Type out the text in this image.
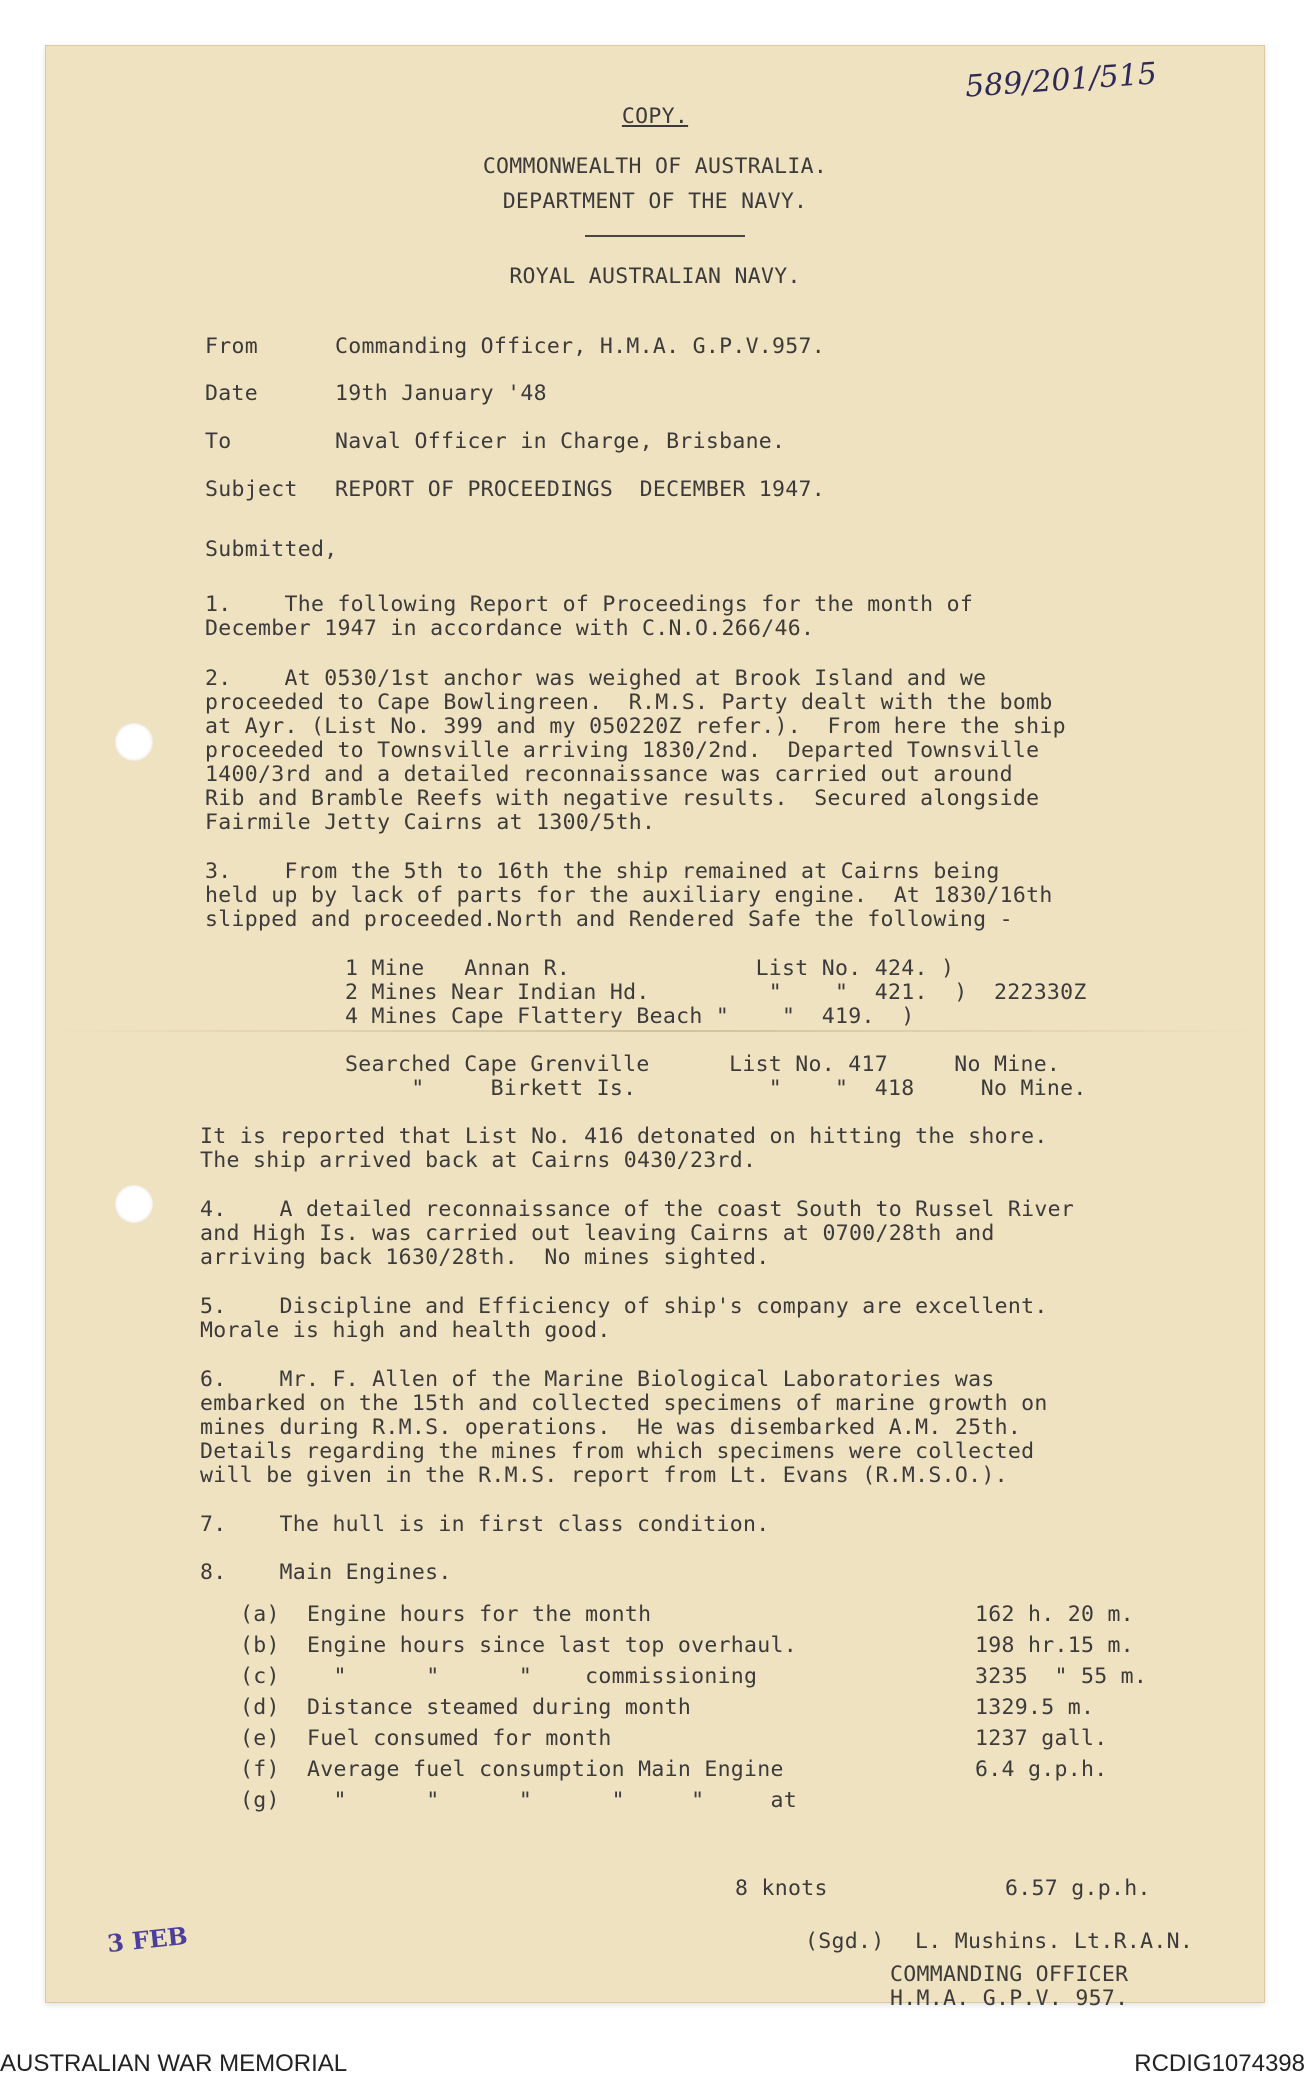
589/201/515
COPY.
COMMONWEALTH OF AUSTRALIA.
DEPARTMENT OF THE NAVY.
ROYAL AUSTRALIAN NAVY.
From	Commanding Officer, H.M.A. G.P.V.957.
Date	19th January '48
To	Naval Officer in Charge, Brisbane.
Subject REPORT OF PROCEEDINGS  DECEMBER 1947.
Submitted,
1.    The following Report of Proceedings for the month of
December 1947 in accordance with C.N.O.266/46.
2.    At 0530/1st anchor was weighed at Brook Island and we
proceeded to Cape Bowlingreen.  R.M.S. Party dealt with the bomb
at Ayr. (List No. 399 and my 050220Z refer.).  From here the ship
proceeded to Townsville arriving 1830/2nd.  Departed Townsville
1400/3rd and a detailed reconnaissance was carried out around
Rib and Bramble Reefs with negative results.  Secured alongside
Fairmile Jetty Cairns at 1300/5th.
3.    From the 5th to 16th the ship remained at Cairns being
held up by lack of parts for the auxiliary engine.  At 1830/16th
slipped and proceeded.North and Rendered Safe the following -
1 Mine   Annan R.              List No. 424. )
2 Mines Near Indian Hd.         "    "  421.  )  222330Z
4 Mines Cape Flattery Beach "    "  419.  )
Searched Cape Grenville      List No. 417     No Mine.
"     Birkett Is.          "    "  418     No Mine.
It is reported that List No. 416 detonated on hitting the shore.
The ship arrived back at Cairns 0430/23rd.
4.    A detailed reconnaissance of the coast South to Russel River
and High Is. was carried out leaving Cairns at 0700/28th and
arriving back 1630/28th.  No mines sighted.
5.    Discipline and Efficiency of ship's company are excellent.
Morale is high and health good.
6.    Mr. F. Allen of the Marine Biological Laboratories was
embarked on the 15th and collected specimens of marine growth on
mines during R.M.S. operations.  He was disembarked A.M. 25th.
Details regarding the mines from which specimens were collected
will be given in the R.M.S. report from Lt. Evans (R.M.S.O.).
7.    The hull is in first class condition.
8.    Main Engines.
(a) Engine hours for the month	162 h. 20 m.
(b) Engine hours since last top overhaul.	198 hr.15 m.
(c) "      "      "    commissioning	3235  " 55 m.
(d) Distance steamed during month	1329.5 m.
(e) Fuel consumed for month	1237 gall.
(f) Average fuel consumption Main Engine	6.4 g.p.h.
(g) "      "      "      "     "     at
8 knots	6.57 g.p.h.
3 FEB	(Sgd.) L. Mushins. Lt.R.A.N.
COMMANDING OFFICER
H.M.A. G.P.V. 957.
AUSTRALIAN WAR MEMORIAL	RCDIG1074398
